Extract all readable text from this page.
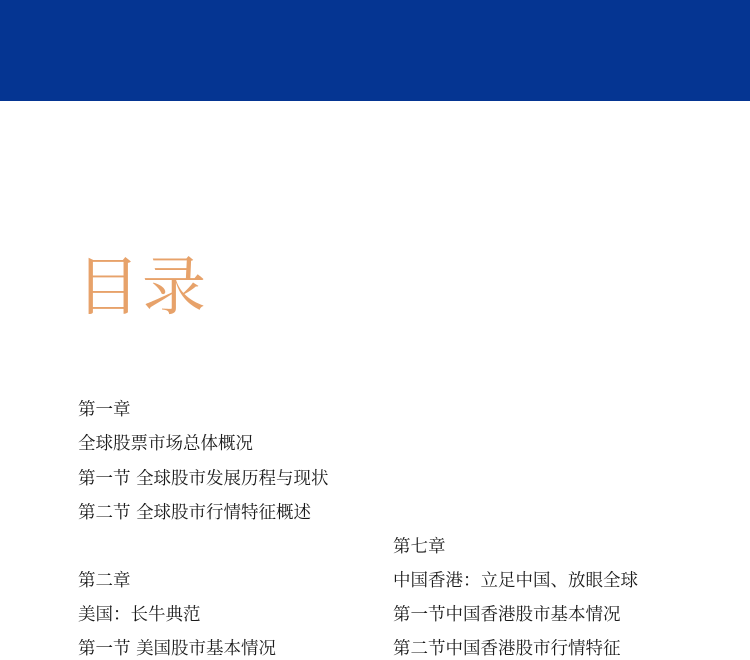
目录
第一章
全球股票市场总体概况
第一节 全球股市发展历程与现状
第二节 全球股市行情特征概述
第二章
美国：长牛典范
第一节 美国股市基本情况
第七章
中国香港：立足中国、放眼全球
第一节中国香港股市基本情况
第二节中国香港股市行情特征
